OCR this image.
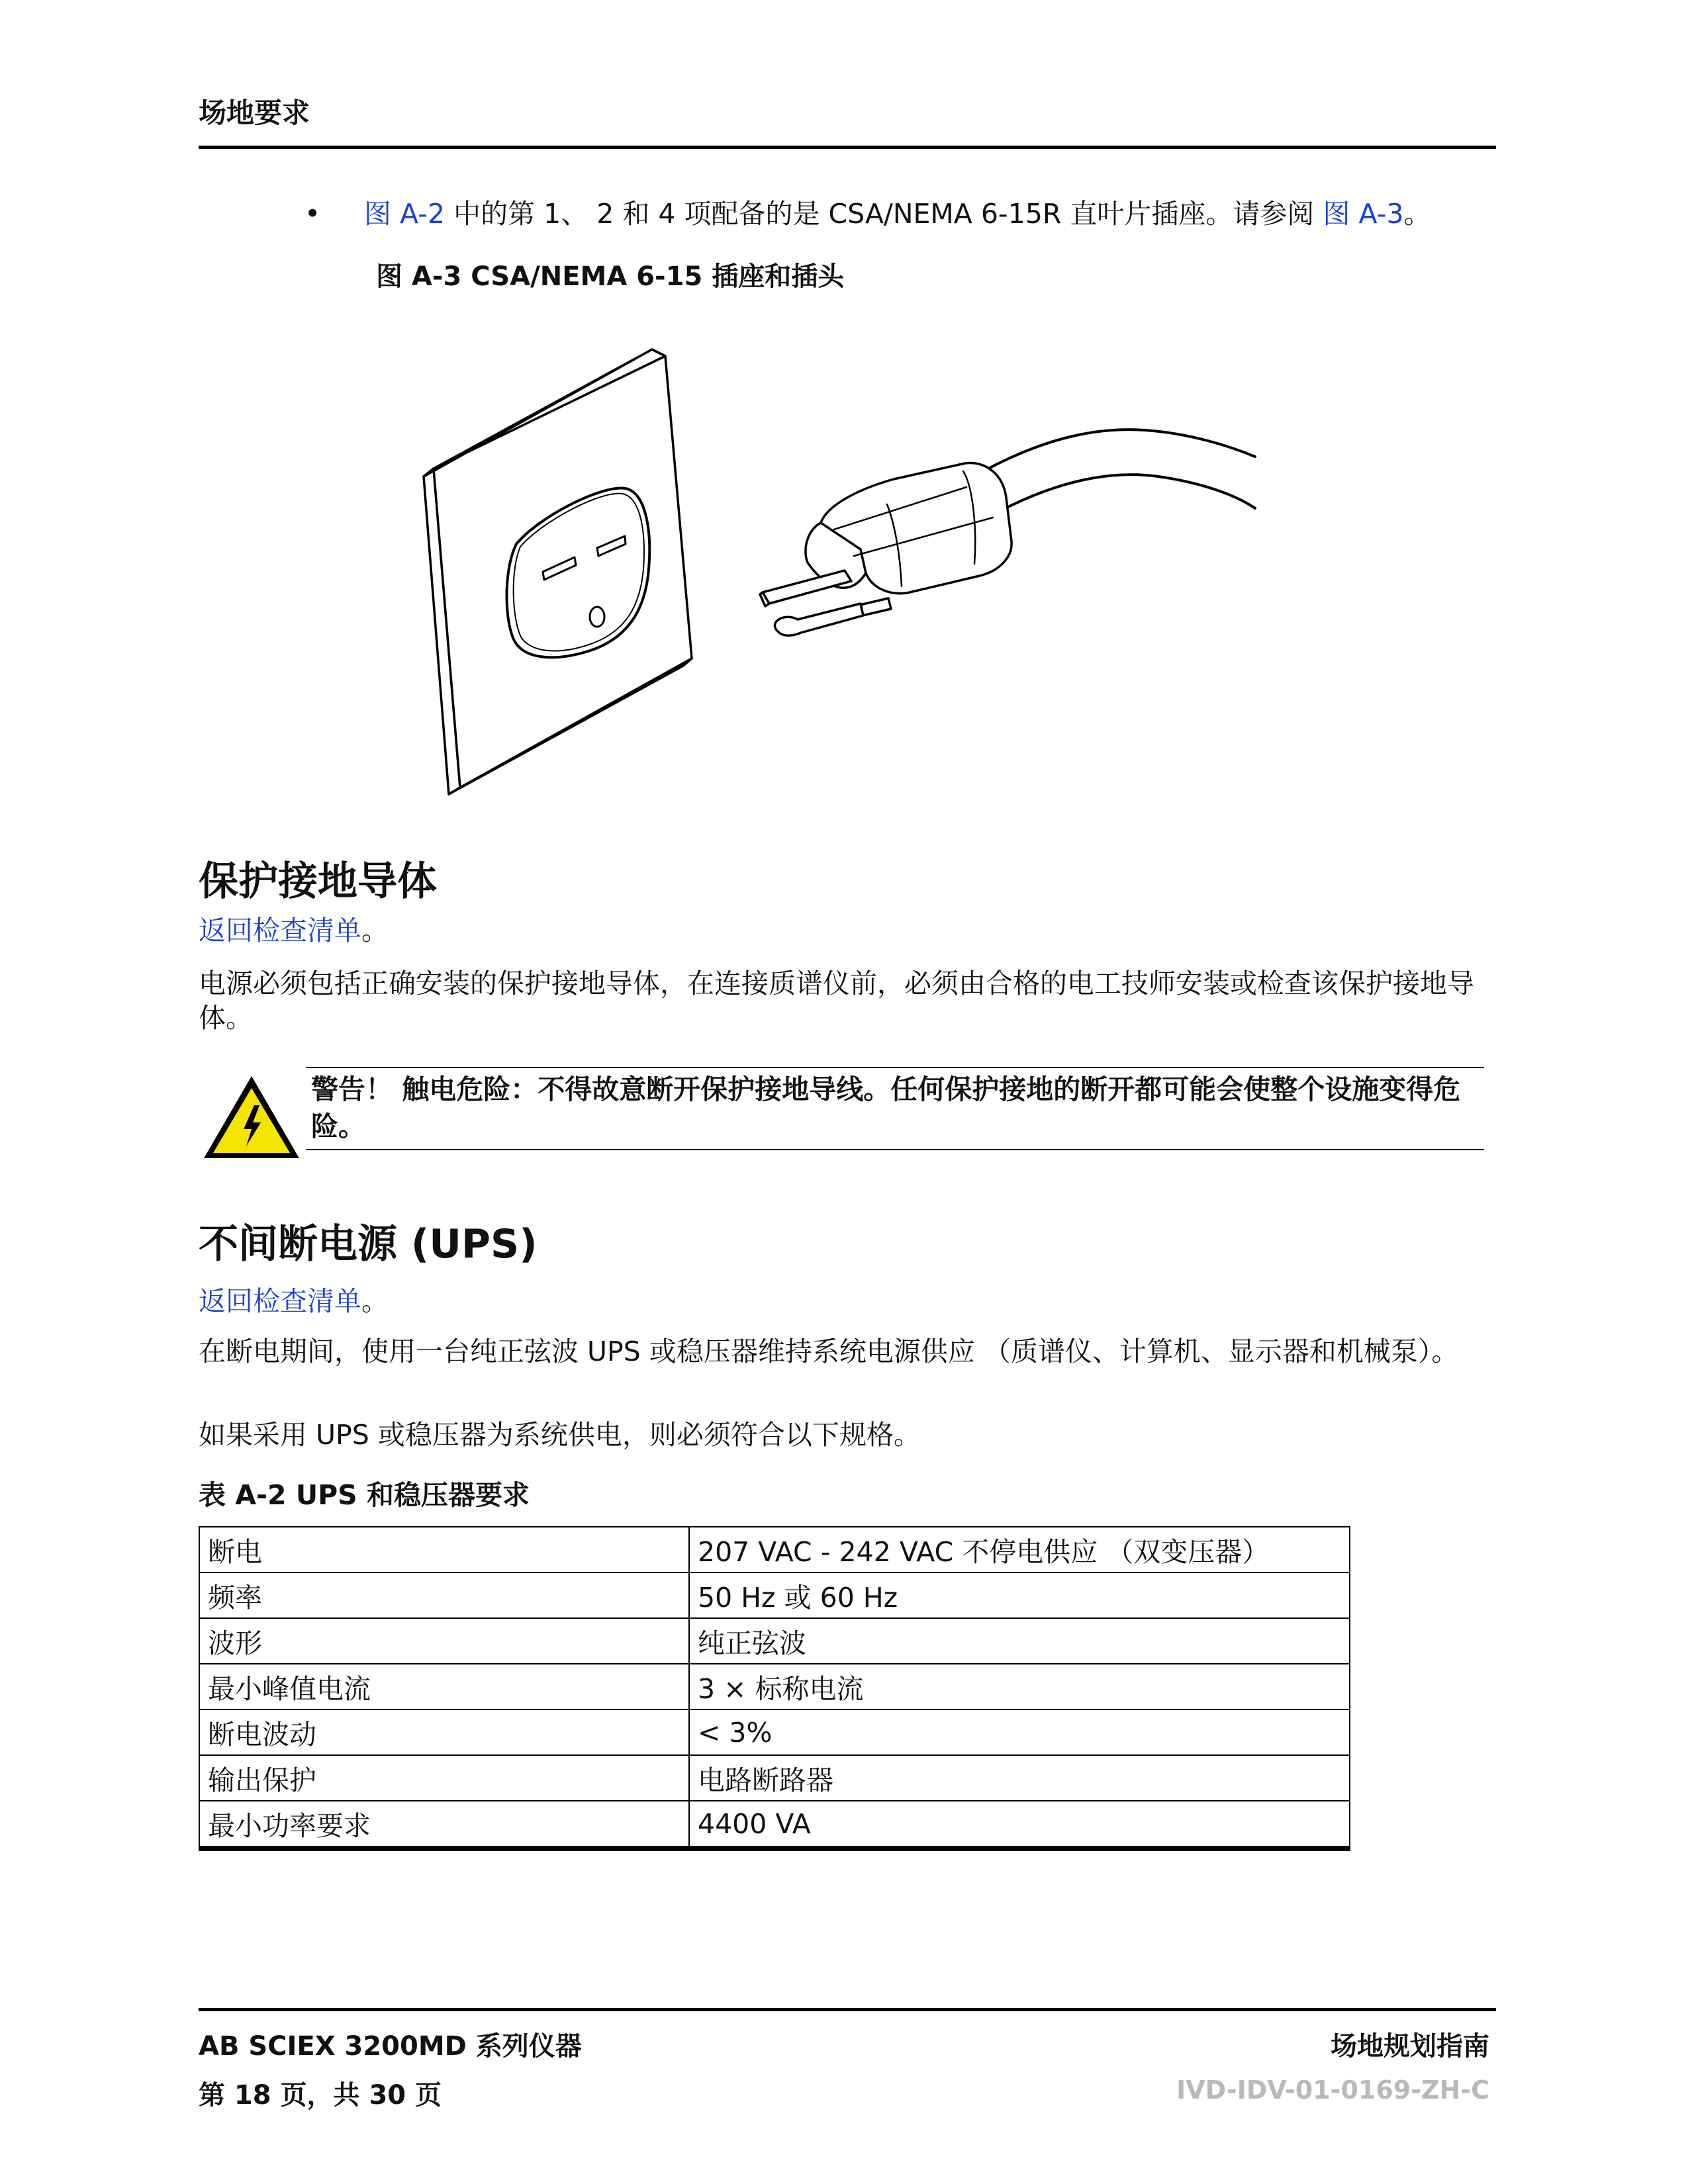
场地要求
• 图 A-2 中的第 1、 2 和 4 项配备的是 CSA/NEMA 6-15R 直叶片插座。请参阅 图 A-3。
图 A-3 CSA/NEMA 6-15 插座和插头
保护接地导体
返回检查清单。
电源必须包括正确安装的保护接地导体，在连接质谱仪前，必须由合格的电工技师安装或检查该保护接地导体。
警告！ 触电危险：不得故意断开保护接地导线。任何保护接地的断开都可能会使整个设施变得危险。
不间断电源 (UPS)
返回检查清单。
在断电期间，使用一台纯正弦波 UPS 或稳压器维持系统电源供应 （质谱仪、计算机、显示器和机械泵）。
如果采用 UPS 或稳压器为系统供电，则必须符合以下规格。
表 A-2 UPS 和稳压器要求
断电	207 VAC - 242 VAC 不停电供应 （双变压器）
频率	50 Hz 或 60 Hz
波形	纯正弦波
最小峰值电流	3 × 标称电流
断电波动	< 3%
输出保护	电路断路器
最小功率要求	4400 VA
AB SCIEX 3200MD 系列仪器	场地规划指南
第 18 页，共 30 页	IVD-IDV-01-0169-ZH-C
